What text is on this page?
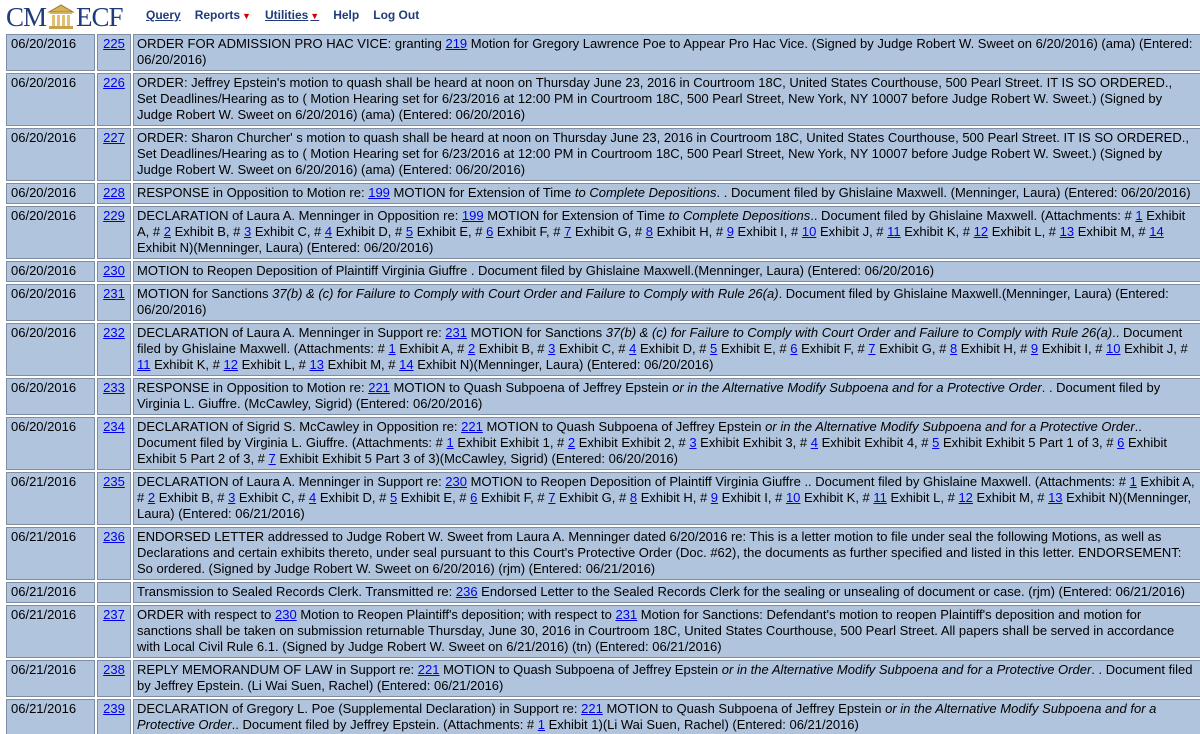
CM ECF Query Reports ▼ Utilities ▼ Help Log Out
06/20/2016	225	ORDER FOR ADMISSION PRO HAC VICE: granting 219 Motion for Gregory Lawrence Poe to Appear Pro Hac Vice. (Signed by Judge Robert W. Sweet on 6/20/2016) (ama) (Entered: 06/20/2016)
06/20/2016	226	ORDER: Jeffrey Epstein's motion to quash shall be heard at noon on Thursday June 23, 2016 in Courtroom 18C, United States Courthouse, 500 Pearl Street. IT IS SO ORDERED., Set Deadlines/Hearing as to ( Motion Hearing set for 6/23/2016 at 12:00 PM in Courtroom 18C, 500 Pearl Street, New York, NY 10007 before Judge Robert W. Sweet.) (Signed by Judge Robert W. Sweet on 6/20/2016) (ama) (Entered: 06/20/2016)
06/20/2016	227	ORDER: Sharon Churcher' s motion to quash shall be heard at noon on Thursday June 23, 2016 in Courtroom 18C, United States Courthouse, 500 Pearl Street. IT IS SO ORDERED., Set Deadlines/Hearing as to ( Motion Hearing set for 6/23/2016 at 12:00 PM in Courtroom 18C, 500 Pearl Street, New York, NY 10007 before Judge Robert W. Sweet.) (Signed by Judge Robert W. Sweet on 6/20/2016) (ama) (Entered: 06/20/2016)
06/20/2016	228	RESPONSE in Opposition to Motion re: 199 MOTION for Extension of Time to Complete Depositions. . Document filed by Ghislaine Maxwell. (Menninger, Laura) (Entered: 06/20/2016)
06/20/2016	229	DECLARATION of Laura A. Menninger in Opposition re: 199 MOTION for Extension of Time to Complete Depositions.. Document filed by Ghislaine Maxwell. (Attachments: # 1 Exhibit A, # 2 Exhibit B, # 3 Exhibit C, # 4 Exhibit D, # 5 Exhibit E, # 6 Exhibit F, # 7 Exhibit G, # 8 Exhibit H, # 9 Exhibit I, # 10 Exhibit J, # 11 Exhibit K, # 12 Exhibit L, # 13 Exhibit M, # 14 Exhibit N)(Menninger, Laura) (Entered: 06/20/2016)
06/20/2016	230	MOTION to Reopen Deposition of Plaintiff Virginia Giuffre . Document filed by Ghislaine Maxwell.(Menninger, Laura) (Entered: 06/20/2016)
06/20/2016	231	MOTION for Sanctions 37(b) & (c) for Failure to Comply with Court Order and Failure to Comply with Rule 26(a). Document filed by Ghislaine Maxwell.(Menninger, Laura) (Entered: 06/20/2016)
06/20/2016	232	DECLARATION of Laura A. Menninger in Support re: 231 MOTION for Sanctions 37(b) & (c) for Failure to Comply with Court Order and Failure to Comply with Rule 26(a).. Document filed by Ghislaine Maxwell. (Attachments: # 1 Exhibit A, # 2 Exhibit B, # 3 Exhibit C, # 4 Exhibit D, # 5 Exhibit E, # 6 Exhibit F, # 7 Exhibit G, # 8 Exhibit H, # 9 Exhibit I, # 10 Exhibit J, # 11 Exhibit K, # 12 Exhibit L, # 13 Exhibit M, # 14 Exhibit N)(Menninger, Laura) (Entered: 06/20/2016)
06/20/2016	233	RESPONSE in Opposition to Motion re: 221 MOTION to Quash Subpoena of Jeffrey Epstein or in the Alternative Modify Subpoena and for a Protective Order. . Document filed by Virginia L. Giuffre. (McCawley, Sigrid) (Entered: 06/20/2016)
06/20/2016	234	DECLARATION of Sigrid S. McCawley in Opposition re: 221 MOTION to Quash Subpoena of Jeffrey Epstein or in the Alternative Modify Subpoena and for a Protective Order.. Document filed by Virginia L. Giuffre. (Attachments: # 1 Exhibit Exhibit 1, # 2 Exhibit Exhibit 2, # 3 Exhibit Exhibit 3, # 4 Exhibit Exhibit 4, # 5 Exhibit Exhibit 5 Part 1 of 3, # 6 Exhibit Exhibit 5 Part 2 of 3, # 7 Exhibit Exhibit 5 Part 3 of 3)(McCawley, Sigrid) (Entered: 06/20/2016)
06/21/2016	235	DECLARATION of Laura A. Menninger in Support re: 230 MOTION to Reopen Deposition of Plaintiff Virginia Giuffre .. Document filed by Ghislaine Maxwell. (Attachments: # 1 Exhibit A, # 2 Exhibit B, # 3 Exhibit C, # 4 Exhibit D, # 5 Exhibit E, # 6 Exhibit F, # 7 Exhibit G, # 8 Exhibit H, # 9 Exhibit I, # 10 Exhibit K, # 11 Exhibit L, # 12 Exhibit M, # 13 Exhibit N)(Menninger, Laura) (Entered: 06/21/2016)
06/21/2016	236	ENDORSED LETTER addressed to Judge Robert W. Sweet from Laura A. Menninger dated 6/20/2016 re: This is a letter motion to file under seal the following Motions, as well as Declarations and certain exhibits thereto, under seal pursuant to this Court's Protective Order (Doc. #62), the documents as further specified and listed in this letter. ENDORSEMENT: So ordered. (Signed by Judge Robert W. Sweet on 6/20/2016) (rjm) (Entered: 06/21/2016)
06/21/2016		Transmission to Sealed Records Clerk. Transmitted re: 236 Endorsed Letter to the Sealed Records Clerk for the sealing or unsealing of document or case. (rjm) (Entered: 06/21/2016)
06/21/2016	237	ORDER with respect to 230 Motion to Reopen Plaintiff's deposition; with respect to 231 Motion for Sanctions: Defendant's motion to reopen Plaintiff's deposition and motion for sanctions shall be taken on submission returnable Thursday, June 30, 2016 in Courtroom 18C, United States Courthouse, 500 Pearl Street. All papers shall be served in accordance with Local Civil Rule 6.1. (Signed by Judge Robert W. Sweet on 6/21/2016) (tn) (Entered: 06/21/2016)
06/21/2016	238	REPLY MEMORANDUM OF LAW in Support re: 221 MOTION to Quash Subpoena of Jeffrey Epstein or in the Alternative Modify Subpoena and for a Protective Order. . Document filed by Jeffrey Epstein. (Li Wai Suen, Rachel) (Entered: 06/21/2016)
06/21/2016	239	DECLARATION of Gregory L. Poe (Supplemental Declaration) in Support re: 221 MOTION to Quash Subpoena of Jeffrey Epstein or in the Alternative Modify Subpoena and for a Protective Order.. Document filed by Jeffrey Epstein. (Attachments: # 1 Exhibit 1)(Li Wai Suen, Rachel) (Entered: 06/21/2016)
